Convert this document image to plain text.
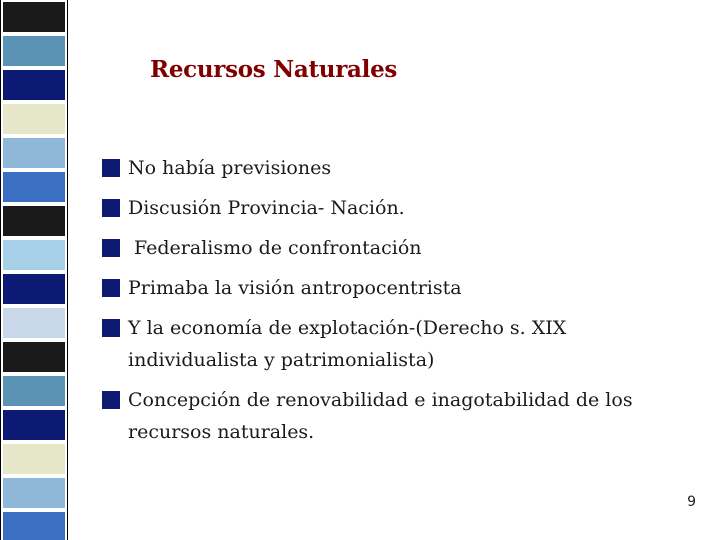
Recursos Naturales
No había previsiones
Discusión Provincia- Nación.
Federalismo de confrontación
Primaba la visión antropocentrista
Y la economía de explotación-(Derecho s. XIX individualista y patrimonialista)
Concepción de renovabilidad e inagotabilidad de los recursos naturales.
9
